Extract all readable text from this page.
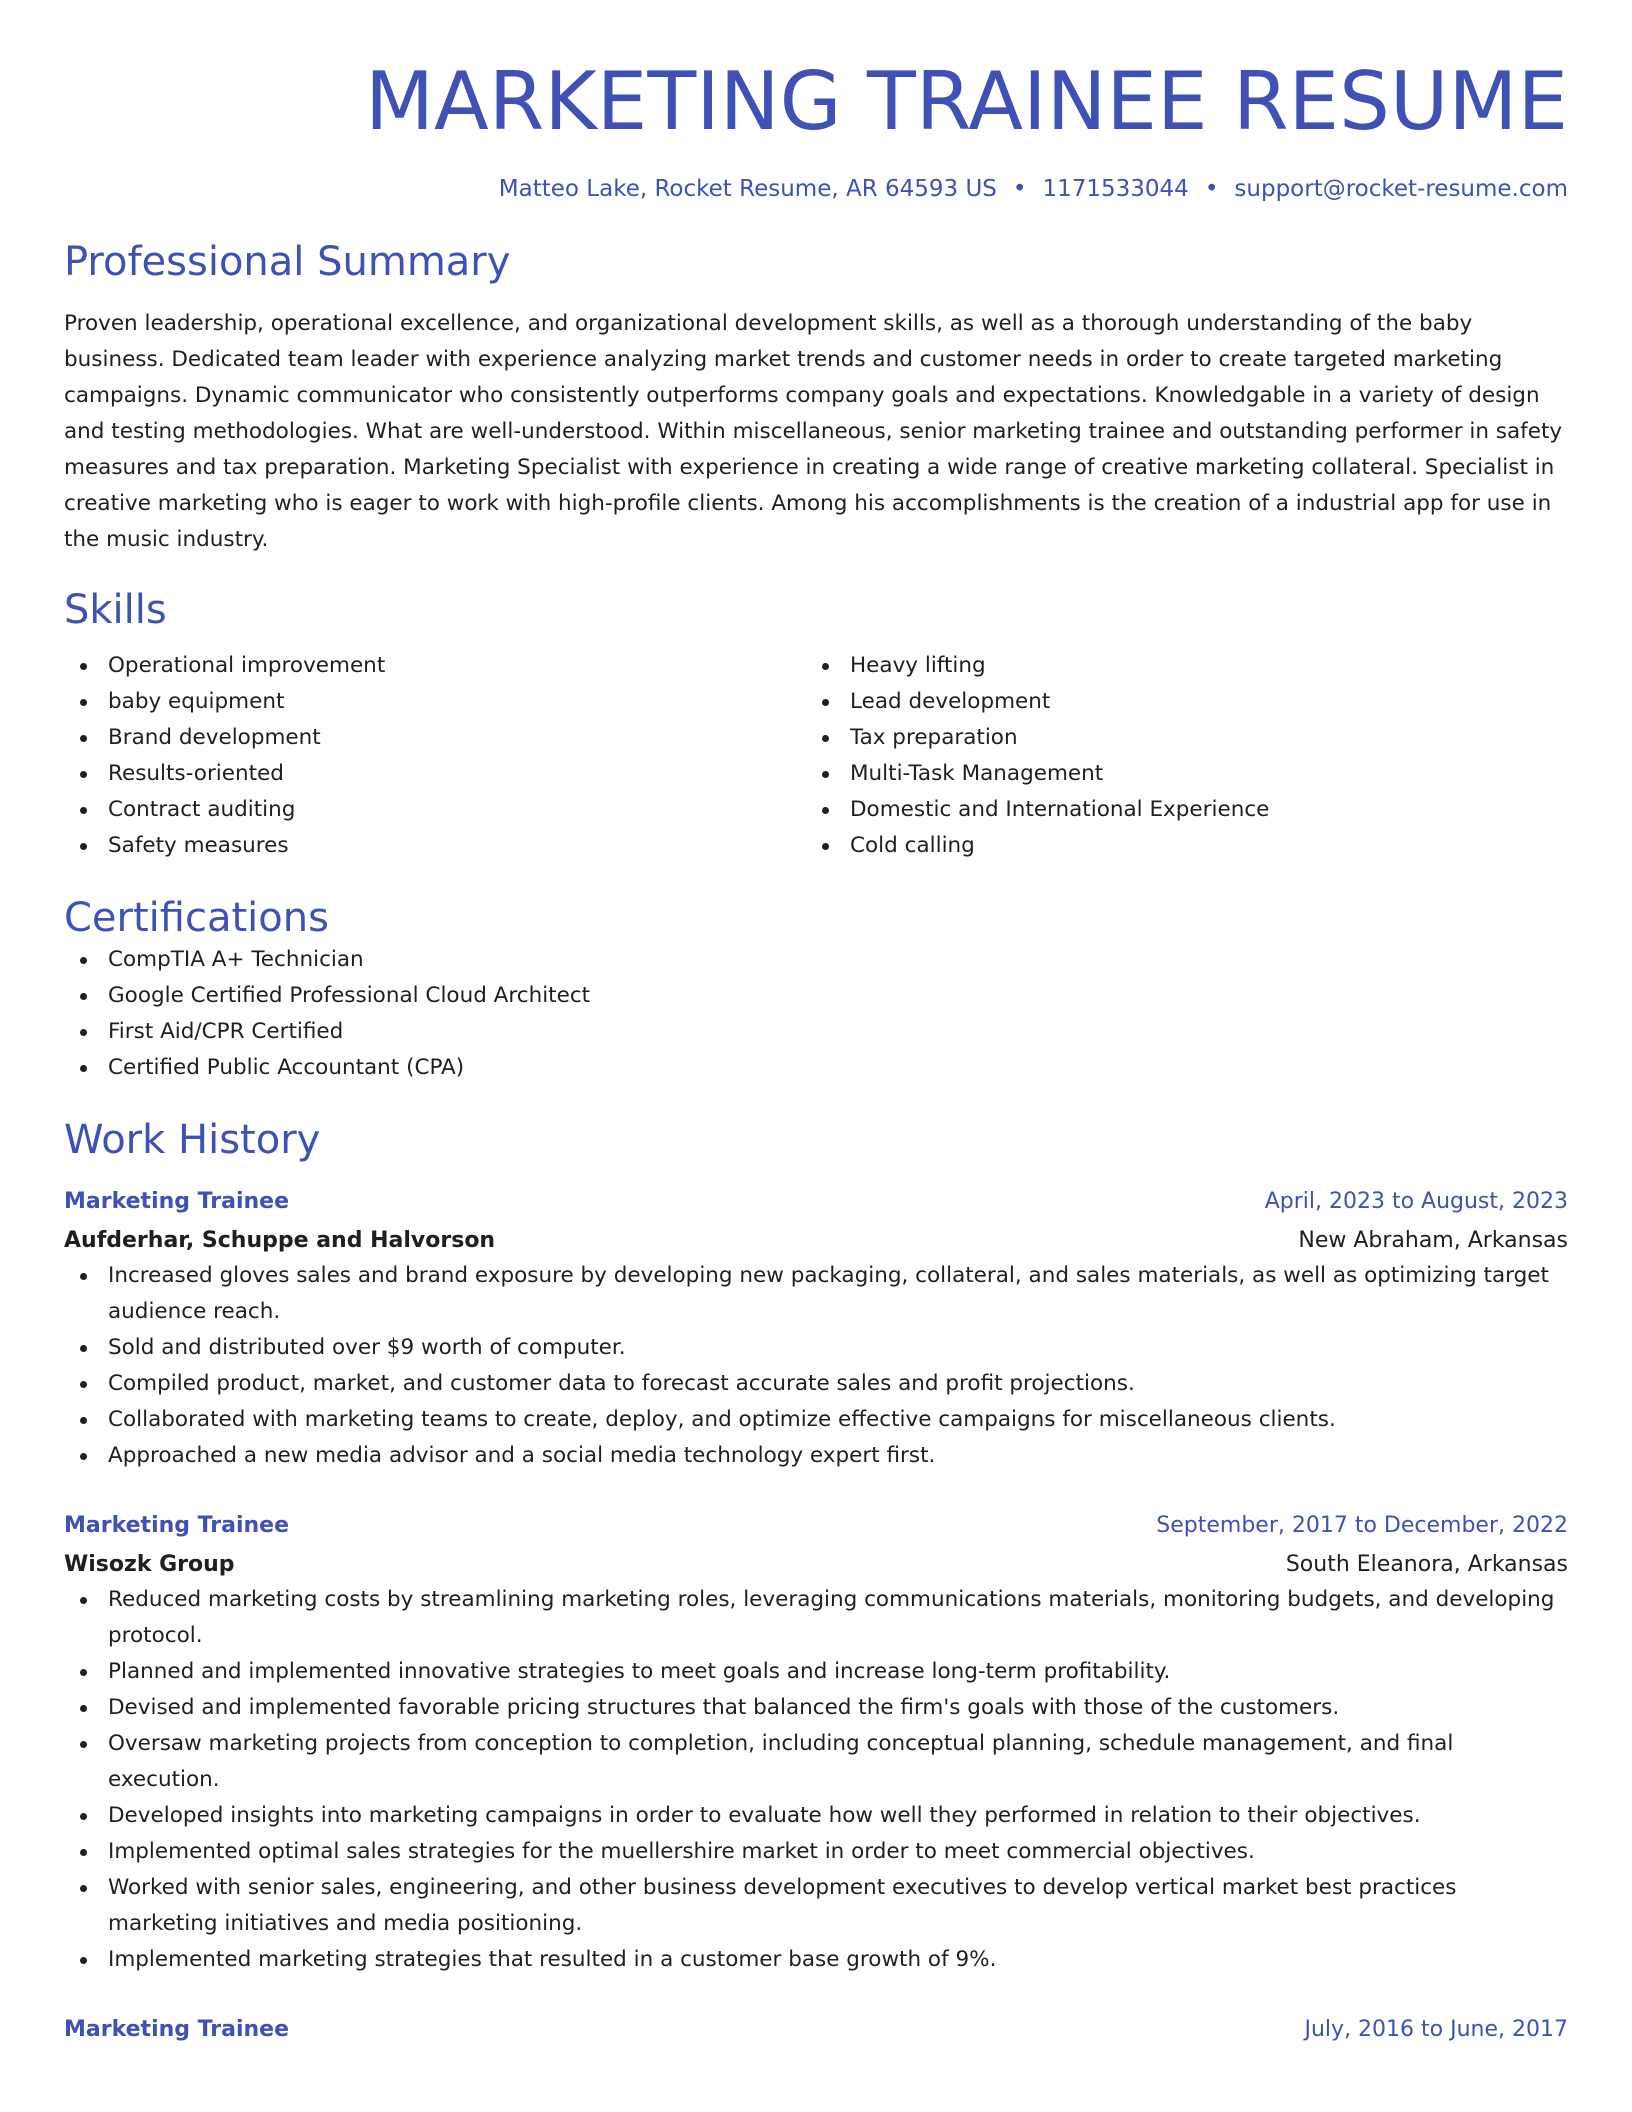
MARKETING TRAINEE RESUME
Matteo Lake, Rocket Resume, AR 64593 US • 1171533044 • support@rocket-resume.com
Professional Summary

Proven leadership, operational excellence, and organizational development skills, as well as a thorough understanding of the baby business. Dedicated team leader with experience analyzing market trends and customer needs in order to create targeted marketing campaigns. Dynamic communicator who consistently outperforms company goals and expectations. Knowledgable in a variety of design and testing methodologies. What are well-understood. Within miscellaneous, senior marketing trainee and outstanding performer in safety measures and tax preparation. Marketing Specialist with experience in creating a wide range of creative marketing collateral. Specialist in creative marketing who is eager to work with high-profile clients. Among his accomplishments is the creation of a industrial app for use in the music industry.

Skills
Operational improvement
baby equipment
Brand development
Results-oriented
Contract auditing
Safety measures
Heavy lifting
Lead development
Tax preparation
Multi-Task Management
Domestic and International Experience
Cold calling
Certifications
CompTIA A+ Technician
Google Certified Professional Cloud Architect
First Aid/CPR Certified
Certified Public Accountant (CPA)
Work History
Marketing Trainee	April, 2023 to August, 2023
Aufderhar, Schuppe and Halvorson	New Abraham, Arkansas
Increased gloves sales and brand exposure by developing new packaging, collateral, and sales materials, as well as optimizing target audience reach.
Sold and distributed over $9 worth of computer.
Compiled product, market, and customer data to forecast accurate sales and profit projections.
Collaborated with marketing teams to create, deploy, and optimize effective campaigns for miscellaneous clients.
Approached a new media advisor and a social media technology expert first.
Marketing Trainee	September, 2017 to December, 2022
Wisozk Group	South Eleanora, Arkansas
Reduced marketing costs by streamlining marketing roles, leveraging communications materials, monitoring budgets, and developing protocol.
Planned and implemented innovative strategies to meet goals and increase long-term profitability.
Devised and implemented favorable pricing structures that balanced the firm's goals with those of the customers.
Oversaw marketing projects from conception to completion, including conceptual planning, schedule management, and final execution.
Developed insights into marketing campaigns in order to evaluate how well they performed in relation to their objectives.
Implemented optimal sales strategies for the muellershire market in order to meet commercial objectives.
Worked with senior sales, engineering, and other business development executives to develop vertical market best practices marketing initiatives and media positioning.
Implemented marketing strategies that resulted in a customer base growth of 9%.
Marketing Trainee	July, 2016 to June, 2017
